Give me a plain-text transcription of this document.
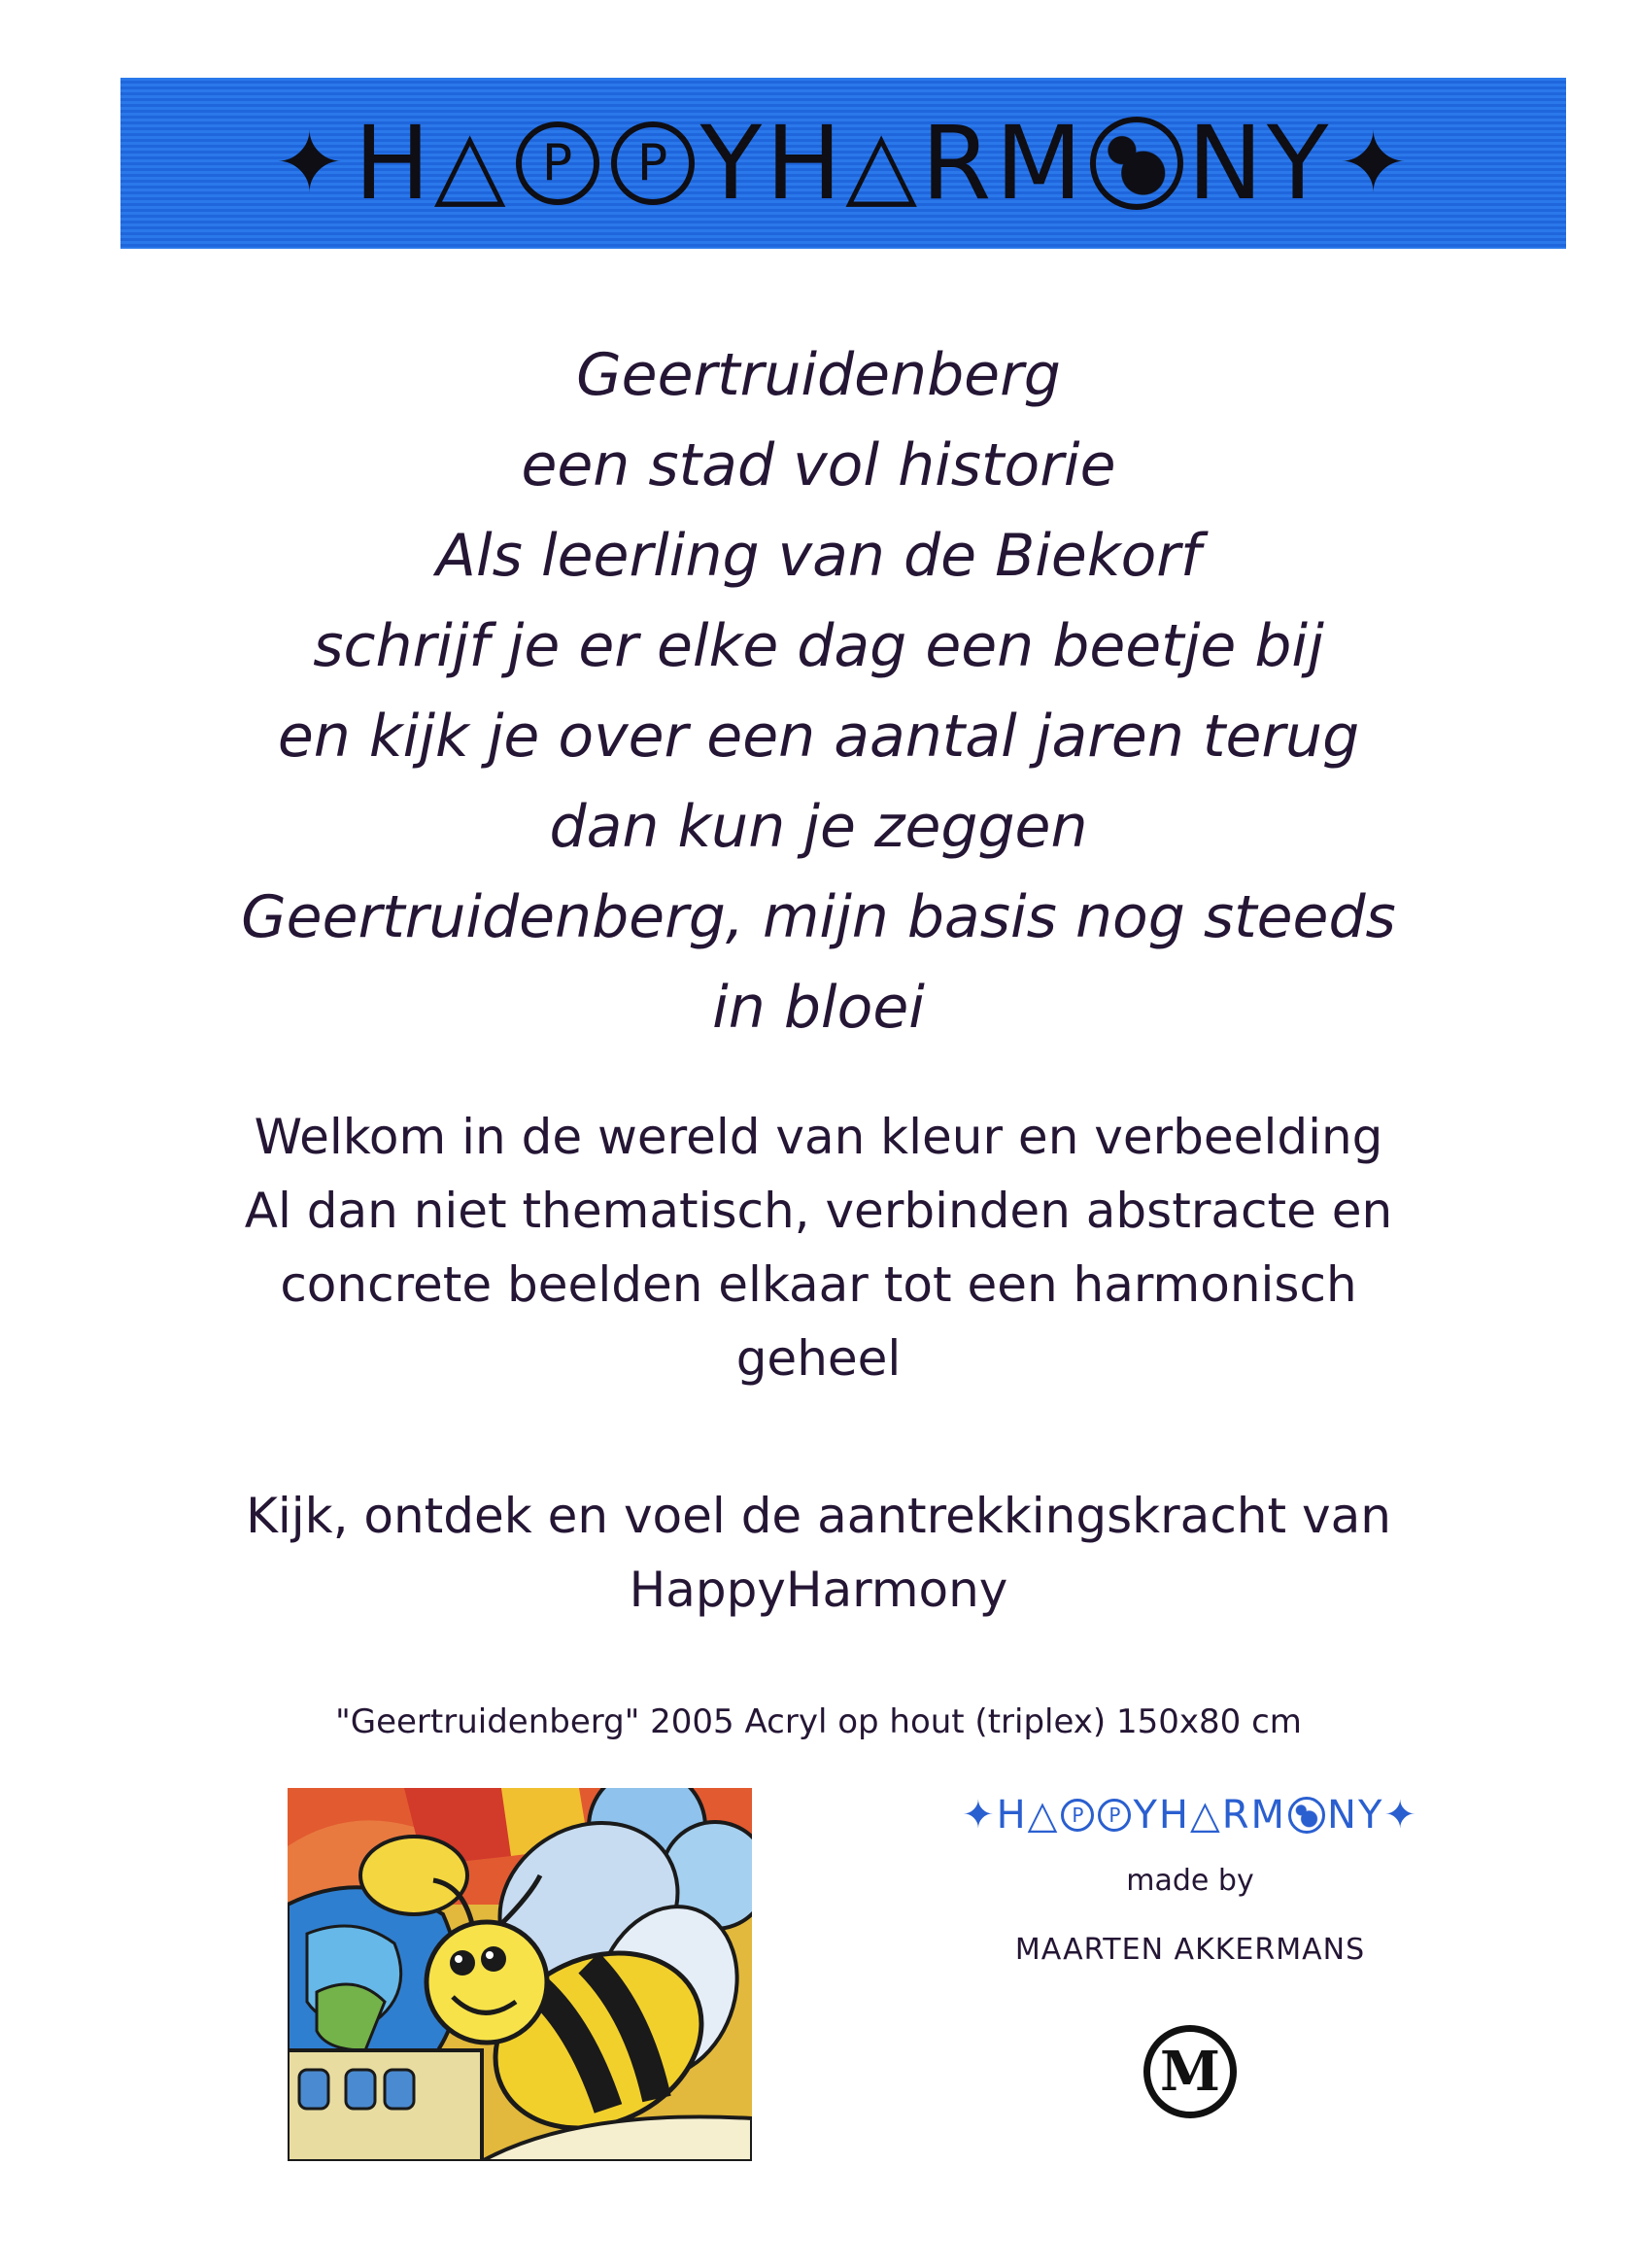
✦ H △ P	P YH △ RM NY ✦
Geertruidenberg
een stad vol historie
Als leerling van de Biekorf
schrijf je er elke dag een beetje bij
en kijk je over een aantal jaren terug
dan kun je zeggen
Geertruidenberg, mijn basis nog steeds
in bloei
Welkom in de wereld van kleur en verbeelding
Al dan niet thematisch, verbinden abstracte en
concrete beelden elkaar tot een harmonisch
geheel
Kijk, ontdek en voel de aantrekkingskracht van
HappyHarmony
"Geertruidenberg" 2005 Acryl op hout (triplex) 150x80 cm
✦ H △ P	P YH △ RM NY ✦
made by
MAARTEN AKKERMANS
M
